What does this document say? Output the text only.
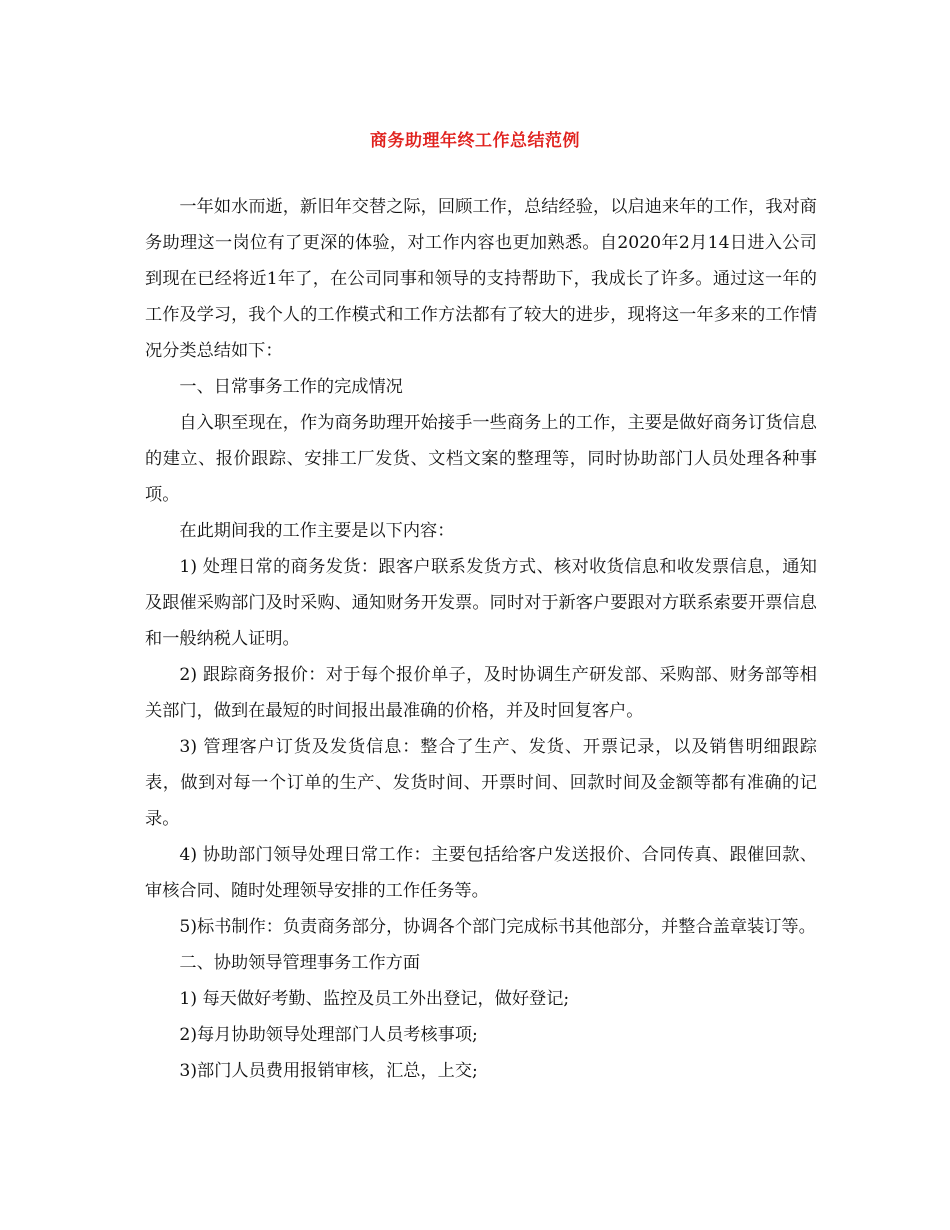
商务助理年终工作总结范例

一年如水而逝，新旧年交替之际，回顾工作，总结经验，以启迪来年的工作，我对商务助理这一岗位有了更深的体验，对工作内容也更加熟悉。自2020年2月14日进入公司到现在已经将近1年了，在公司同事和领导的支持帮助下，我成长了许多。通过这一年的工作及学习，我个人的工作模式和工作方法都有了较大的进步，现将这一年多来的工作情况分类总结如下：

一、日常事务工作的完成情况

自入职至现在，作为商务助理开始接手一些商务上的工作，主要是做好商务订货信息的建立、报价跟踪、安排工厂发货、文档文案的整理等，同时协助部门人员处理各种事项。

在此期间我的工作主要是以下内容：

1) 处理日常的商务发货：跟客户联系发货方式、核对收货信息和收发票信息，通知及跟催采购部门及时采购、通知财务开发票。同时对于新客户要跟对方联系索要开票信息和一般纳税人证明。

2) 跟踪商务报价：对于每个报价单子，及时协调生产研发部、采购部、财务部等相关部门，做到在最短的时间报出最准确的价格，并及时回复客户。

3) 管理客户订货及发货信息：整合了生产、发货、开票记录，以及销售明细跟踪表，做到对每一个订单的生产、发货时间、开票时间、回款时间及金额等都有准确的记录。

4) 协助部门领导处理日常工作：主要包括给客户发送报价、合同传真、跟催回款、审核合同、随时处理领导安排的工作任务等。

5)标书制作：负责商务部分，协调各个部门完成标书其他部分，并整合盖章装订等。

二、协助领导管理事务工作方面

1) 每天做好考勤、监控及员工外出登记，做好登记;

2)每月协助领导处理部门人员考核事项;

3)部门人员费用报销审核，汇总，上交;
